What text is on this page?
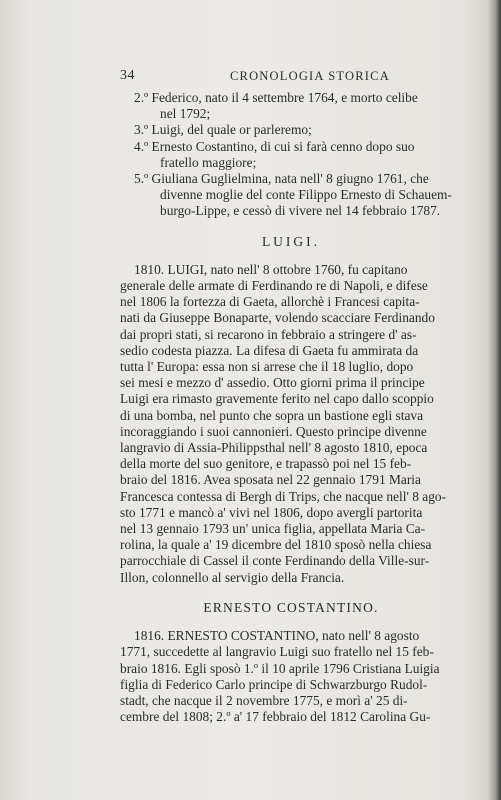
34	CRONOLOGIA STORICA
2.º Federico, nato il 4 settembre 1764, e morto celibe
nel 1792;
3.º Luigi, del quale or parleremo;
4.º Ernesto Costantino, di cui si farà cenno dopo suo
fratello maggiore;
5.º Giuliana Guglielmina, nata nell' 8 giugno 1761, che
divenne moglie del conte Filippo Ernesto di Schauem-
burgo-Lippe, e cessò di vivere nel 14 febbraio 1787.
LUIGI.
1810. LUIGI, nato nell' 8 ottobre 1760, fu capitano
generale delle armate di Ferdinando re di Napoli, e difese
nel 1806 la fortezza di Gaeta, allorchè i Francesi capita-
nati da Giuseppe Bonaparte, volendo scacciare Ferdinando
dai propri stati, si recarono in febbraio a stringere d' as-
sedio codesta piazza. La difesa di Gaeta fu ammirata da
tutta l' Europa: essa non si arrese che il 18 luglio, dopo
sei mesi e mezzo d' assedio. Otto giorni prima il principe
Luigi era rimasto gravemente ferito nel capo dallo scoppio
di una bomba, nel punto che sopra un bastione egli stava
incoraggiando i suoi cannonieri. Questo principe divenne
langravio di Assia-Philippsthal nell' 8 agosto 1810, epoca
della morte del suo genitore, e trapassò poi nel 15 feb-
braio del 1816. Avea sposata nel 22 gennaio 1791 Maria
Francesca contessa di Bergh di Trips, che nacque nell' 8 ago-
sto 1771 e mancò a' vivi nel 1806, dopo avergli partorita
nel 13 gennaio 1793 un' unica figlia, appellata Maria Ca-
rolina, la quale a' 19 dicembre del 1810 sposò nella chiesa
parrocchiale di Cassel il conte Ferdinando della Ville-sur-
Illon, colonnello al servigio della Francia.
ERNESTO COSTANTINO.
1816. ERNESTO COSTANTINO, nato nell' 8 agosto
1771, succedette al langravio Luigi suo fratello nel 15 feb-
braio 1816. Egli sposò 1.º il 10 aprile 1796 Cristiana Luigia
figlia di Federico Carlo principe di Schwarzburgo Rudol-
stadt, che nacque il 2 novembre 1775, e morì a' 25 di-
cembre del 1808; 2.º a' 17 febbraio del 1812 Carolina Gu-
